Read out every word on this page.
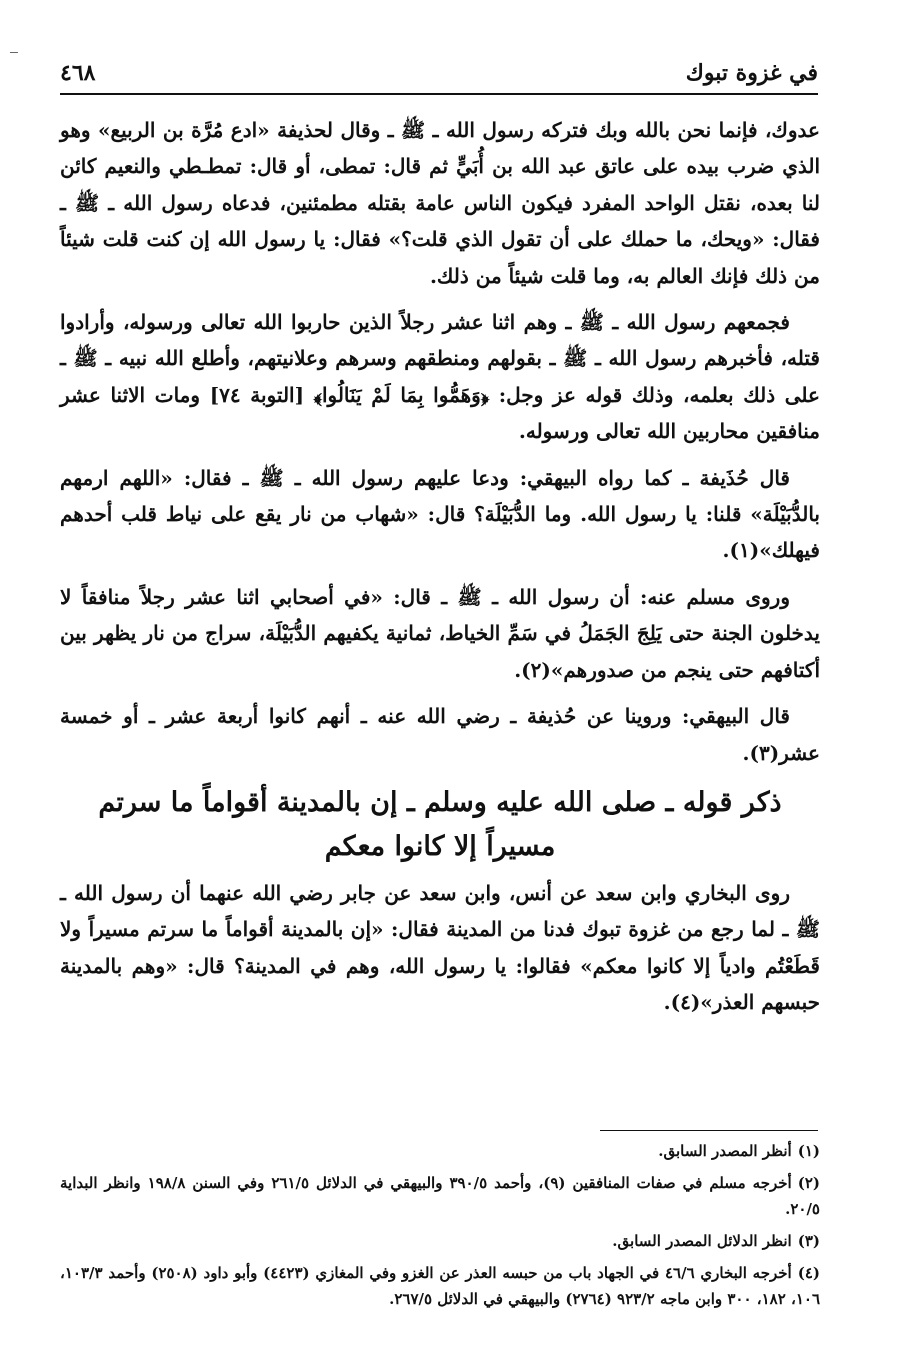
في غزوة تبوك
٤٦٨

عدوك، فإنما نحن بالله وبك فتركه رسول الله ـ ﷺ ـ وقال لحذيفة «ادع مُرَّة بن الربيع» وهو الذي ضرب بيده على عاتق عبد الله بن أُبَيٍّ ثم قال: تمطى، أو قال: تمطـطي والنعيم كائن لنا بعده، نقتل الواحد المفرد فيكون الناس عامة بقتله مطمئنين، فدعاه رسول الله ـ ﷺ ـ فقال: «ويحك، ما حملك على أن تقول الذي قلت؟» فقال: يا رسول الله إن كنت قلت شيئاً من ذلك فإنك العالم به، وما قلت شيئاً من ذلك.

فجمعهم رسول الله ـ ﷺ ـ وهم اثنا عشر رجلاً الذين حاربوا الله تعالى ورسوله، وأرادوا قتله، فأخبرهم رسول الله ـ ﷺ ـ بقولهم ومنطقهم وسرهم وعلانيتهم، وأطلع الله نبيه ـ ﷺ ـ على ذلك بعلمه، وذلك قوله عز وجل: ﴿وَهَمُّوا بِمَا لَمْ يَنَالُوا﴾ [التوبة ٧٤] ومات الاثنا عشر منافقين محاربين الله تعالى ورسوله.

قال حُذَيفة ـ كما رواه البيهقي: ودعا عليهم رسول الله ـ ﷺ ـ فقال: «اللهم ارمهم بالدُّبَيْلَة» قلنا: يا رسول الله. وما الدُّبَيْلَة؟ قال: «شهاب من نار يقع على نياط قلب أحدهم فيهلك»(١).

وروى مسلم عنه: أن رسول الله ـ ﷺ ـ قال: «في أصحابي اثنا عشر رجلاً منافقاً لا يدخلون الجنة حتى يَلِجَ الجَمَلُ في سَمِّ الخياط، ثمانية يكفيهم الدُّبَيْلَة، سراج من نار يظهر بين أكتافهم حتى ينجم من صدورهم»(٢).

قال البيهقي: وروينا عن حُذيفة ـ رضي الله عنه ـ أنهم كانوا أربعة عشر ـ أو خمسة عشر(٣).

ذكر قوله ـ صلى الله عليه وسلم ـ إن بالمدينة أقواماً ما سرتم مسيراً إلا كانوا معكم

روى البخاري وابن سعد عن أنس، وابن سعد عن جابر رضي الله عنهما أن رسول الله ـ ﷺ ـ لما رجع من غزوة تبوك فدنا من المدينة فقال: «إن بالمدينة أقواماً ما سرتم مسيراً ولا قَطَعْتُم وادياً إلا كانوا معكم» فقالوا: يا رسول الله، وهم في المدينة؟ قال: «وهم بالمدينة حبسهم العذر»(٤).

(١)أنظر المصدر السابق.

(٢)أخرجه مسلم في صفات المنافقين (٩)، وأحمد ٣٩٠/٥ والبيهقي في الدلائل ٢٦١/٥ وفي السنن ١٩٨/٨ وانظر البداية ٢٠/٥.

(٣)انظر الدلائل المصدر السابق.

(٤)أخرجه البخاري ٤٦/٦ في الجهاد باب من حبسه العذر عن الغزو وفي المغازي (٤٤٢٣) وأبو داود (٢٥٠٨) وأحمد ١٠٣/٣، ١٠٦، ١٨٢، ٣٠٠ وابن ماجه ٩٢٣/٢ (٢٧٦٤) والبيهقي في الدلائل ٢٦٧/٥.
